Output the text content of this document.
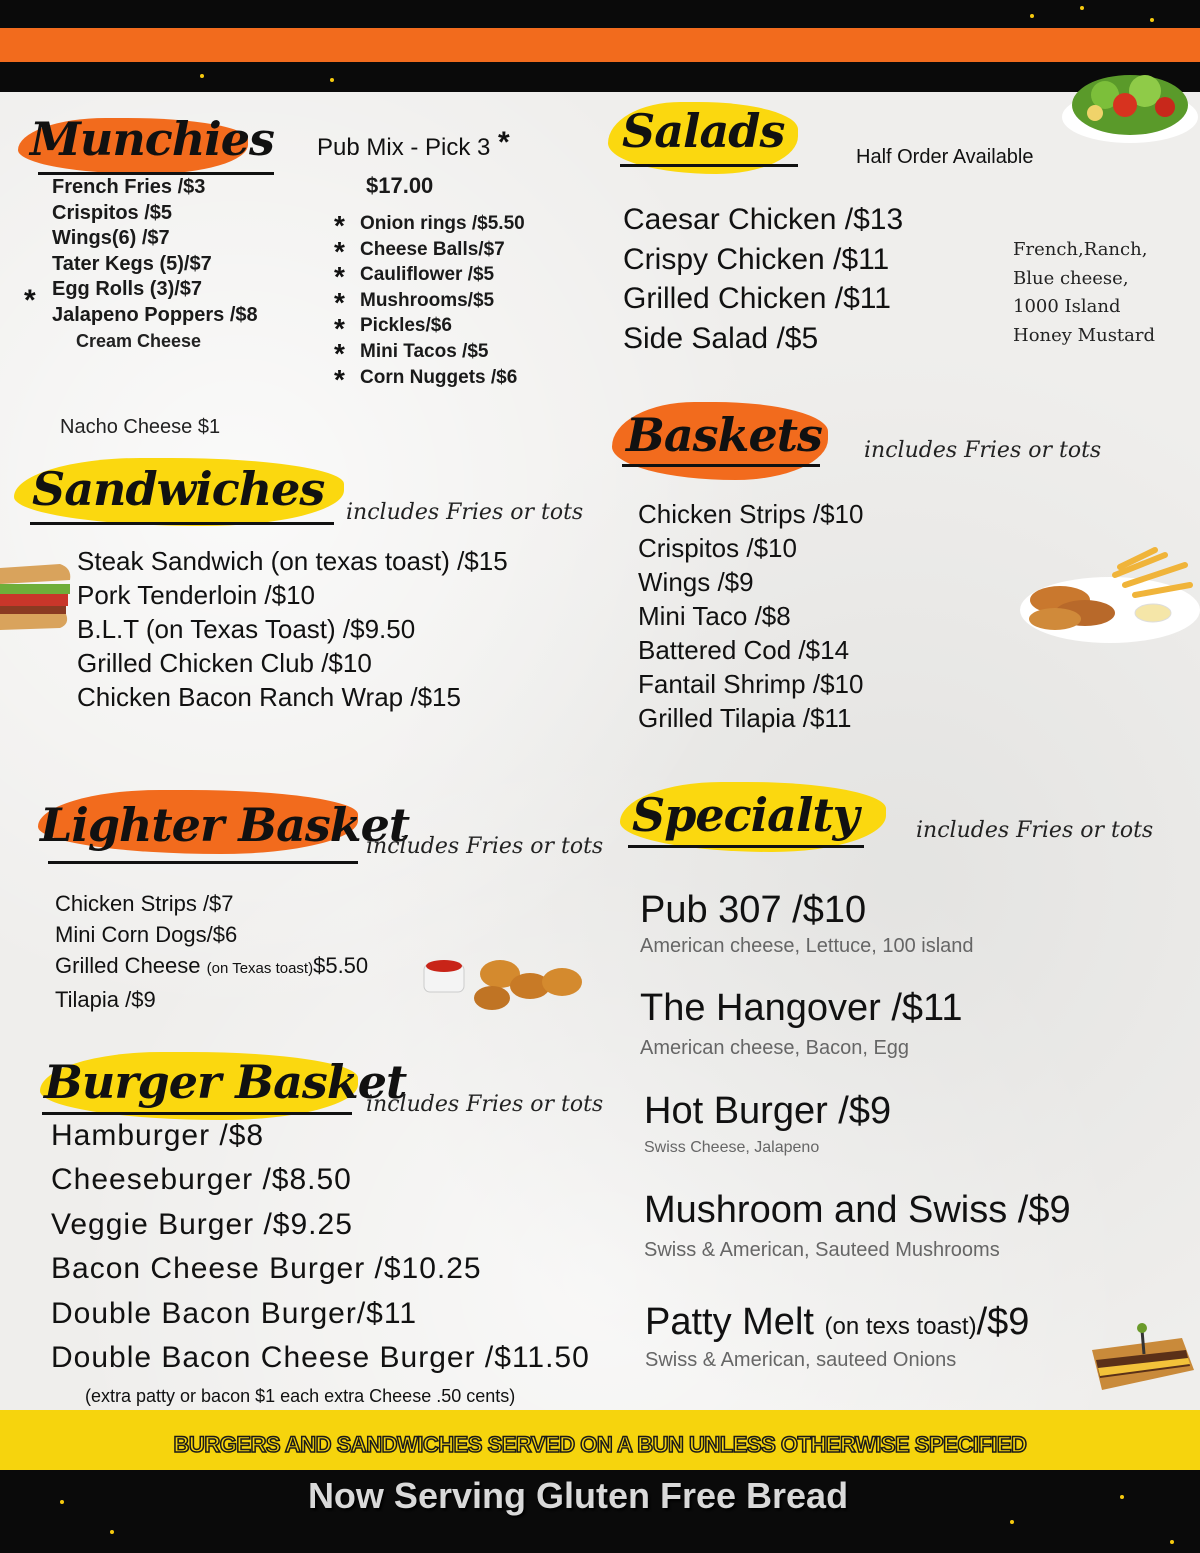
Munchies
French Fries /$3
Crispitos /$5
Wings(6) /$7
Tater Kegs (5)/$7
Egg Rolls (3)/$7
Jalapeno Poppers /$8
*
Cream Cheese
Nacho Cheese $1
Pub Mix - Pick 3 *
$17.00
Onion rings /$5.50
Cheese Balls/$7
Cauliflower /$5
Mushrooms/$5
Pickles/$6
Mini Tacos /$5
Corn Nuggets /$6
*
*
*
*
*
*
*
Salads	Half Order Available
Caesar Chicken /$13
Crispy Chicken /$11
Grilled Chicken /$11
Side Salad /$5
French,Ranch,
Blue cheese,
1000 Island
Honey Mustard
Sandwiches includes Fries or tots
Steak Sandwich (on texas toast) /$15
Pork Tenderloin /$10
B.L.T (on Texas Toast) /$9.50
Grilled Chicken Club /$10
Chicken Bacon Ranch Wrap /$15
Baskets includes Fries or tots
Chicken Strips /$10
Crispitos /$10
Wings /$9
Mini Taco /$8
Battered Cod /$14
Fantail Shrimp /$10
Grilled Tilapia /$11
Lighter Basket
includes Fries or tots
Chicken Strips /$7
Mini Corn Dogs/$6
Grilled Cheese (on Texas toast)$5.50
Tilapia /$9
Specialty	includes Fries or tots
Pub 307 /$10
American cheese, Lettuce, 100 island
The Hangover /$11
American cheese, Bacon, Egg
Hot Burger /$9
Swiss Cheese, Jalapeno
Mushroom and Swiss /$9
Swiss & American, Sauteed Mushrooms
Patty Melt (on texs toast)/$9
Swiss & American, sauteed Onions
Burger Basket
includes Fries or tots
Hamburger /$8
Cheeseburger /$8.50
Veggie Burger /$9.25
Bacon Cheese Burger /$10.25
Double Bacon Burger/$11
Double Bacon Cheese Burger /$11.50
(extra patty or bacon $1 each extra Cheese .50 cents)
BURGERS AND SANDWICHES SERVED ON A BUN UNLESS OTHERWISE SPECIFIED
Now Serving Gluten Free Bread
